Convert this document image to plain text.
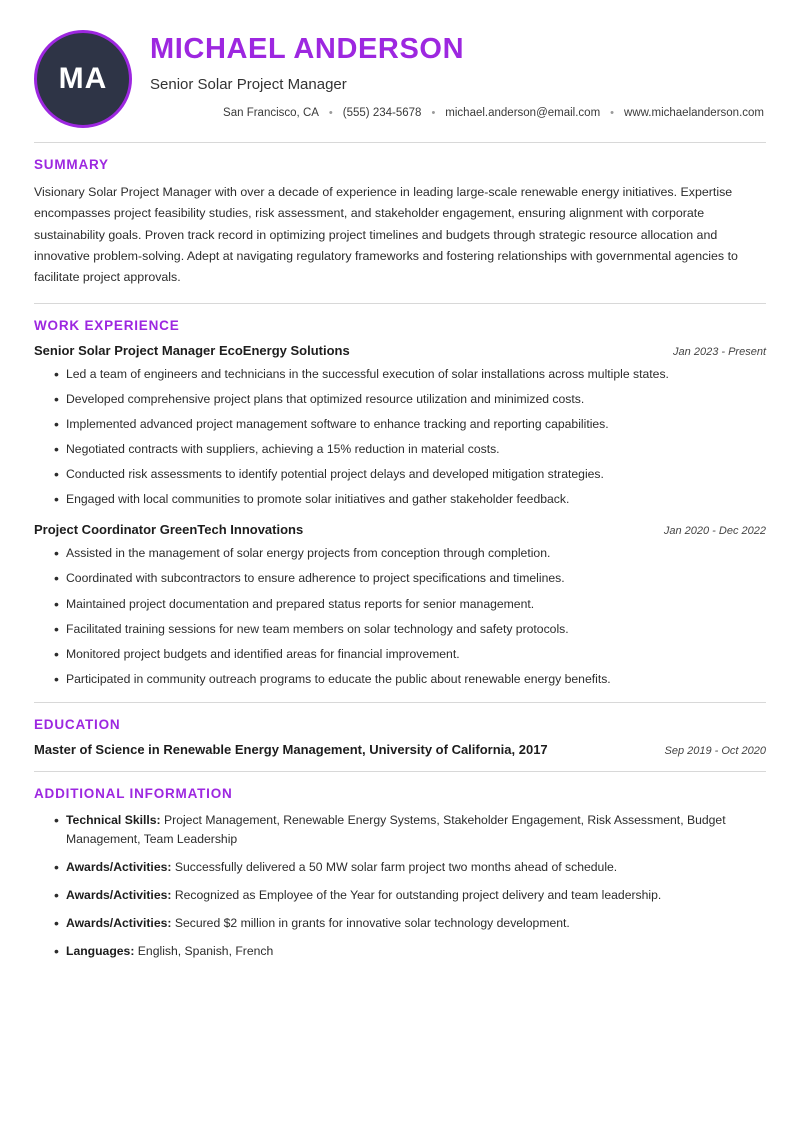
MA
MICHAEL ANDERSON
Senior Solar Project Manager
San Francisco, CA • (555) 234-5678 • michael.anderson@email.com • www.michaelanderson.com
SUMMARY

Visionary Solar Project Manager with over a decade of experience in leading large-scale renewable energy initiatives. Expertise encompasses project feasibility studies, risk assessment, and stakeholder engagement, ensuring alignment with corporate sustainability goals. Proven track record in optimizing project timelines and budgets through strategic resource allocation and innovative problem-solving. Adept at navigating regulatory frameworks and fostering relationships with governmental agencies to facilitate project approvals.

WORK EXPERIENCE
Senior Solar Project Manager EcoEnergy Solutions	Jan 2023 - Present
• Led a team of engineers and technicians in the successful execution of solar installations across multiple states.
• Developed comprehensive project plans that optimized resource utilization and minimized costs.
• Implemented advanced project management software to enhance tracking and reporting capabilities.
• Negotiated contracts with suppliers, achieving a 15% reduction in material costs.
• Conducted risk assessments to identify potential project delays and developed mitigation strategies.
• Engaged with local communities to promote solar initiatives and gather stakeholder feedback.
Project Coordinator GreenTech Innovations	Jan 2020 - Dec 2022
• Assisted in the management of solar energy projects from conception through completion.
• Coordinated with subcontractors to ensure adherence to project specifications and timelines.
• Maintained project documentation and prepared status reports for senior management.
• Facilitated training sessions for new team members on solar technology and safety protocols.
• Monitored project budgets and identified areas for financial improvement.
• Participated in community outreach programs to educate the public about renewable energy benefits.
EDUCATION
Master of Science in Renewable Energy Management, University of California, 2017	Sep 2019 - Oct 2020
ADDITIONAL INFORMATION
• Technical Skills: Project Management, Renewable Energy Systems, Stakeholder Engagement, Risk Assessment, Budget Management, Team Leadership
• Awards/Activities: Successfully delivered a 50 MW solar farm project two months ahead of schedule.
• Awards/Activities: Recognized as Employee of the Year for outstanding project delivery and team leadership.
• Awards/Activities: Secured $2 million in grants for innovative solar technology development.
• Languages: English, Spanish, French
